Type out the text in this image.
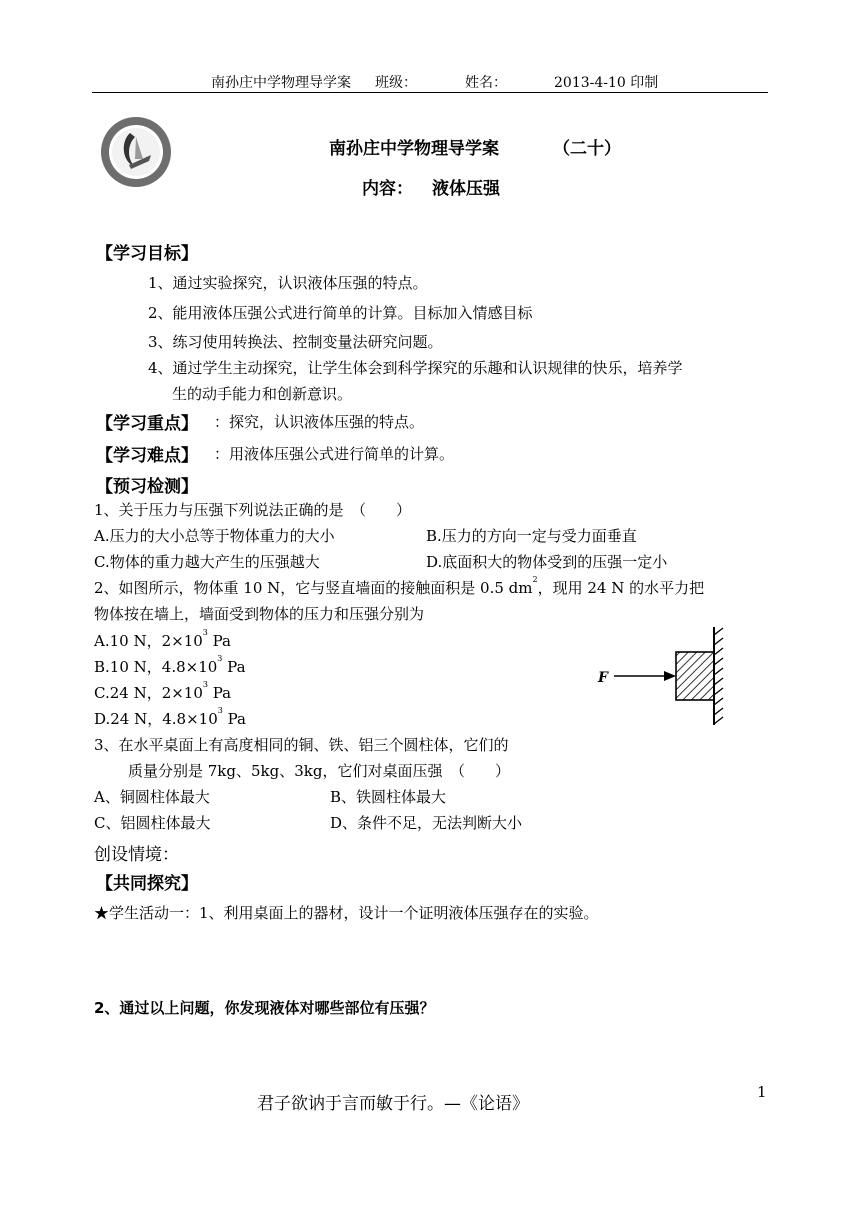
南孙庄中学物理导学案 班级：	姓名：	2013-4-10 印制
南孙庄中学物理导学案	（二十）
内容： 液体压强
【学习目标】
1、通过实验探究，认识液体压强的特点。
2、能用液体压强公式进行简单的计算。目标加入情感目标
3、练习使用转换法、控制变量法研究问题。
4、通过学生主动探究，让学生体会到科学探究的乐趣和认识规律的快乐，培养学
生的动手能力和创新意识。
【学习重点】 ：探究，认识液体压强的特点。
【学习难点】 ：用液体压强公式进行简单的计算。
【预习检测】
1、关于压力与压强下列说法正确的是　（　　）
A.压力的大小总等于物体重力的大小	B.压力的方向一定与受力面垂直
C.物体的重力越大产生的压强越大	D.底面积大的物体受到的压强一定小
2、如图所示，物体重 10 N，它与竖直墙面的接触面积是 0.5 $dm^2$，现用 24 N 的水平力把
物体按在墙上，墙面受到物体的压力和压强分别为
A.10 N，$2\times 10^3$ Pa
B.10 N，$4.8\times 10^3$ Pa
C.24 N，$2\times 10^3$ Pa
D.24 N，$4.8\times 10^3$ Pa
F
3、在水平桌面上有高度相同的铜、铁、铝三个圆柱体，它们的
质量分别是 7kg、5kg、3kg，它们对桌面压强　（　　）
A、铜圆柱体最大	B、铁圆柱体最大
C、铝圆柱体最大	D、条件不足，无法判断大小
创设情境：
【共同探究】
★学生活动一：1、利用桌面上的器材，设计一个证明液体压强存在的实验。
2、通过以上问题，你发现液体对哪些部位有压强？
君子欲讷于言而敏于行。—《论语》
1
